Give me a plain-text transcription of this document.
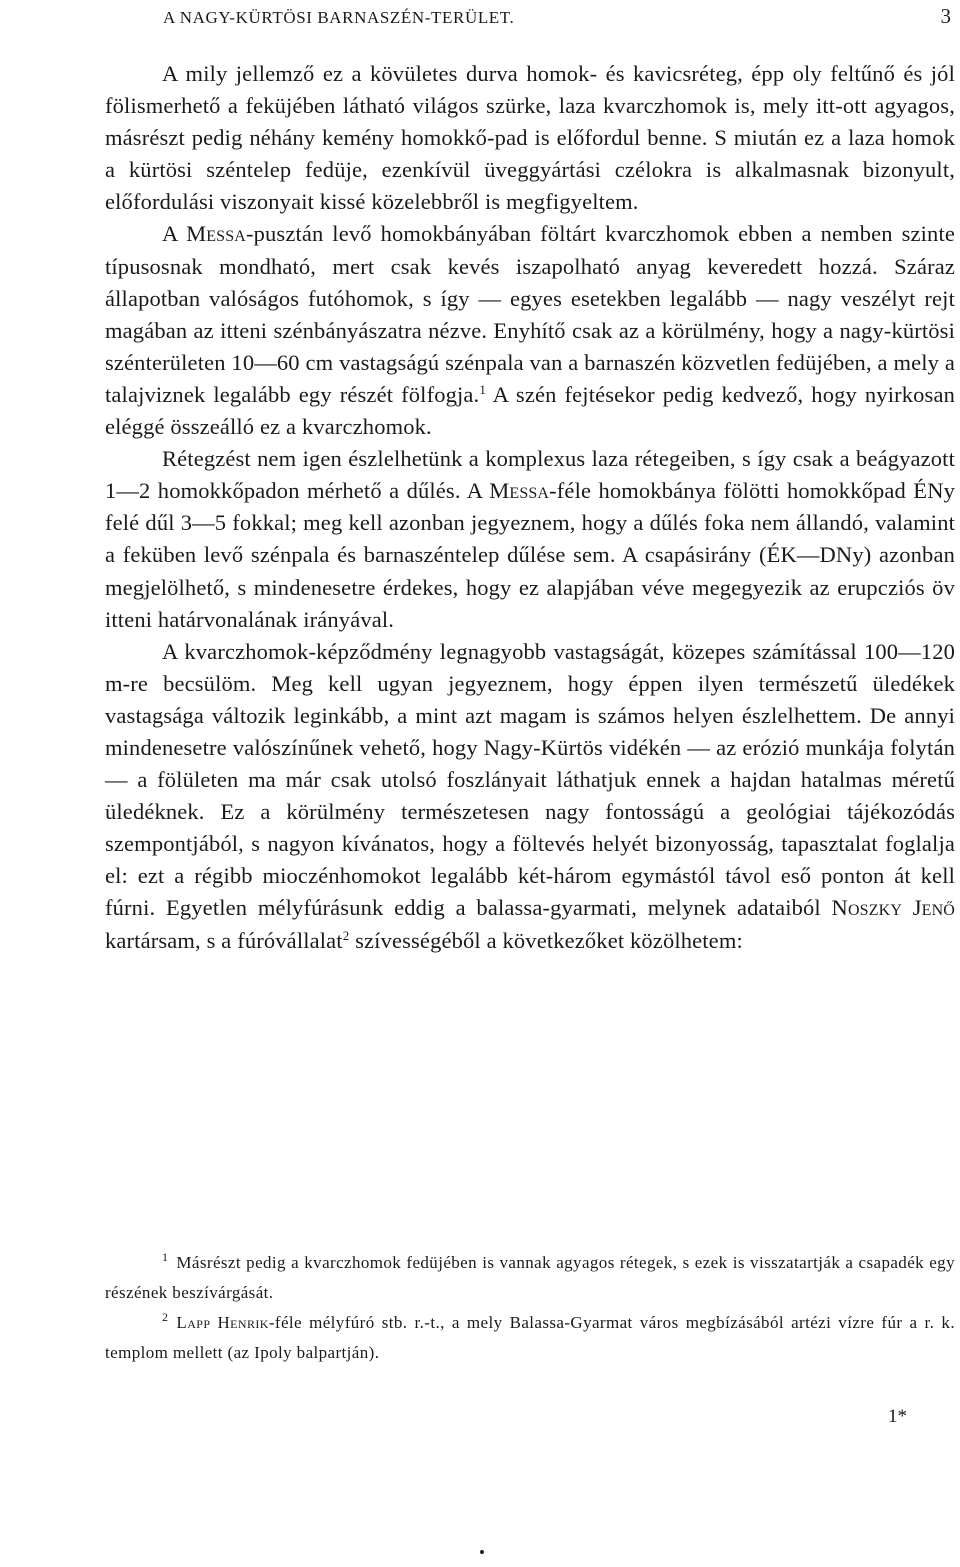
A NAGY-KÜRTÖSI BARNASZÉN-TERÜLET.	3

A mily jellemző ez a kövületes durva homok- és kavicsréteg, épp oly feltűnő és jól fölismerhető a feküjében látható világos szürke, laza kvarczhomok is, mely itt-ott agyagos, másrészt pedig néhány kemény homokkő-pad is előfordul benne. S miután ez a laza homok a kürtösi széntelep fedüje, ezenkívül üveggyártási czélokra is alkalmasnak bizonyult, előfordulási viszonyait kissé közelebbről is megfigyeltem.

A Messa-pusztán levő homokbányában föltárt kvarczhomok ebben a nemben szinte típusosnak mondható, mert csak kevés iszapolható anyag keveredett hozzá. Száraz állapotban valóságos futóhomok, s így — egyes esetekben legalább — nagy veszélyt rejt magában az itteni szénbányászatra nézve. Enyhítő csak az a körülmény, hogy a nagy-kürtösi szénterületen 10—60 cm vastagságú szénpala van a barnaszén közvetlen fedüjében, a mely a talajviznek legalább egy részét fölfogja.$^1$ A szén fejtésekor pedig kedvező, hogy nyirkosan eléggé összeálló ez a kvarczhomok.

Rétegzést nem igen észlelhetünk a komplexus laza rétegeiben, s így csak a beágyazott 1—2 homokkőpadon mérhető a dűlés. A Messa-féle homokbánya fölötti homokkőpad ÉNy felé dűl 3—5 fokkal; meg kell azonban jegyeznem, hogy a dűlés foka nem állandó, valamint a feküben levő szénpala és barnaszéntelep dűlése sem. A csapásirány (ÉK—DNy) azonban megjelölhető, s mindenesetre érdekes, hogy ez alapjában véve megegyezik az erupcziós öv itteni határvonalának irányával.

A kvarczhomok-képződmény legnagyobb vastagságát, közepes számítással 100—120 m-re becsülöm. Meg kell ugyan jegyeznem, hogy éppen ilyen természetű üledékek vastagsága változik leginkább, a mint azt magam is számos helyen észlelhettem. De annyi mindenesetre valószínűnek vehető, hogy Nagy-Kürtös vidékén — az erózió munkája folytán — a fölületen ma már csak utolsó foszlányait láthatjuk ennek a hajdan hatalmas méretű üledéknek. Ez a körülmény természetesen nagy fontosságú a geológiai tájékozódás szempontjából, s nagyon kívánatos, hogy a föltevés helyét bizonyosság, tapasztalat foglalja el: ezt a régibb mioczénhomokot legalább két-három egymástól távol eső ponton át kell fúrni. Egyetlen mélyfúrásunk eddig a balassa-gyarmati, melynek adataiból Noszky Jenő kartársam, s a fúróvállalat$^2$ szívességéből a következőket közölhetem:

$^1$ Másrészt pedig a kvarczhomok fedüjében is vannak agyagos rétegek, s ezek is visszatartják a csapadék egy részének beszívárgását.

$^2$ Lapp Henrik-féle mélyfúró stb. r.-t., a mely Balassa-Gyarmat város megbízásából artézi vízre fúr a r. k. templom mellett (az Ipoly balpartján).

1*
